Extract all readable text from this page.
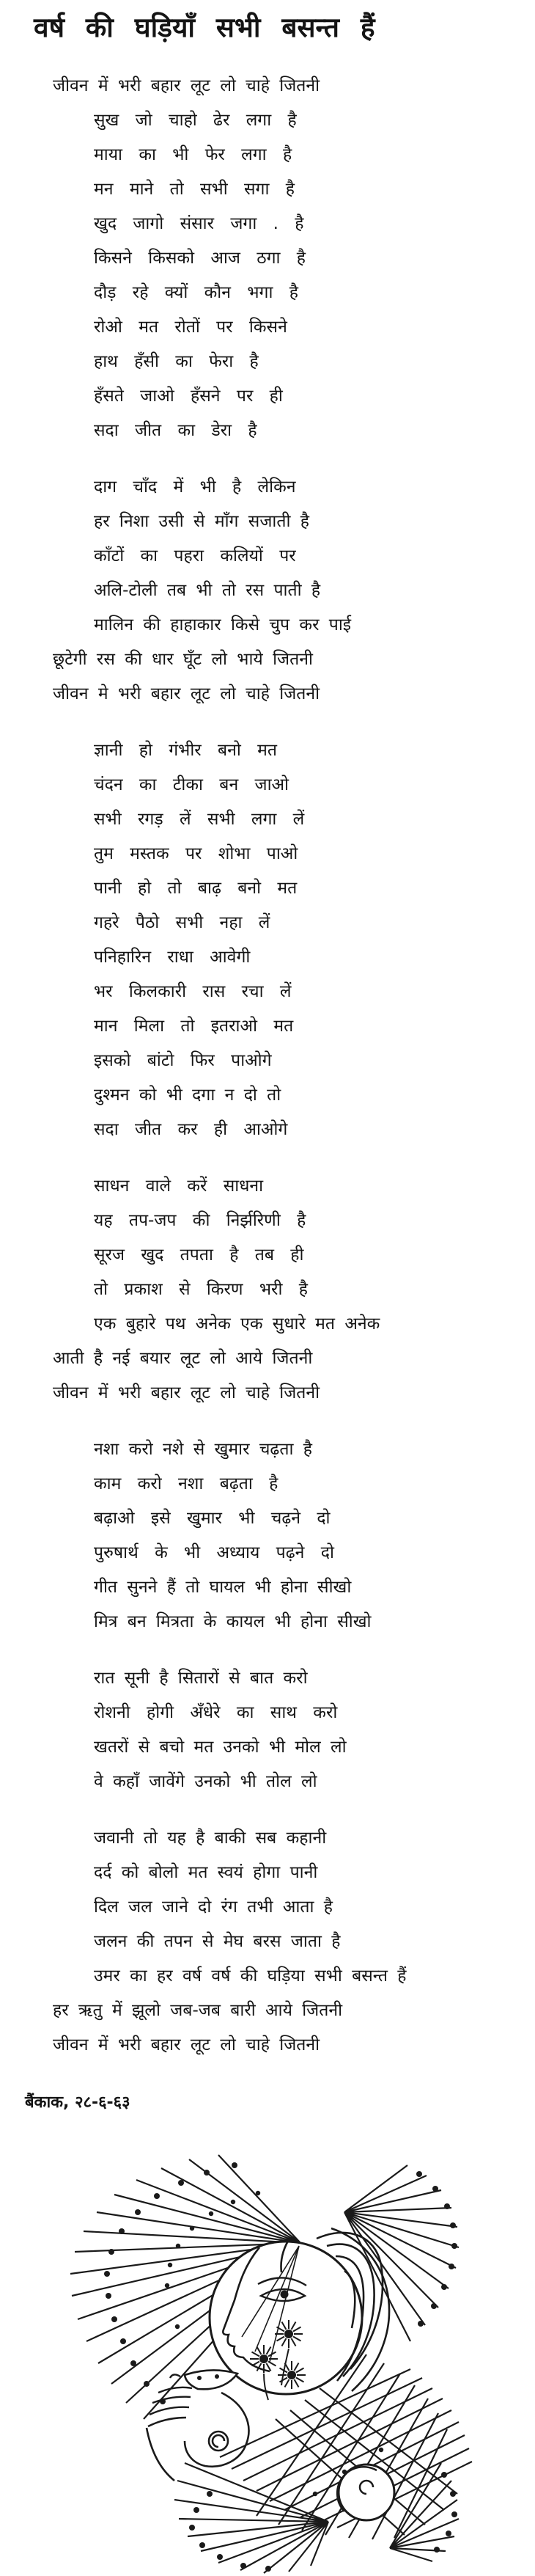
वर्ष की घड़ियाँ सभी बसन्त हैं
जीवन में भरी बहार लूट लो चाहे जितनी
सुख जो चाहो ढेर लगा है
माया का भी फेर लगा है
मन माने तो सभी सगा है
खुद जागो संसार जगा . है
किसने किसको आज ठगा है
दौड़ रहे क्यों कौन भगा है
रोओ मत रोतों पर किसने
हाथ हँसी का फेरा है
हँसते जाओ हँसने पर ही
सदा जीत का डेरा है
दाग चाँद में भी है लेकिन
हर निशा उसी से माँग सजाती है
काँटों का पहरा कलियों पर
अलि-टोली तब भी तो रस पाती है
मालिन की हाहाकार किसे चुप कर पाई
छूटेगी रस की धार घूँट लो भाये जितनी
जीवन मे भरी बहार लूट लो चाहे जितनी
ज्ञानी हो गंभीर बनो मत
चंदन का टीका बन जाओ
सभी रगड़ लें सभी लगा लें
तुम मस्तक पर शोभा पाओ
पानी हो तो बाढ़ बनो मत
गहरे पैठो सभी नहा लें
पनिहारिन राधा आवेगी
भर किलकारी रास रचा लें
मान मिला तो इतराओ मत
इसको बांटो फिर पाओगे
दुश्मन को भी दगा न दो तो
सदा जीत कर ही आओगे
साधन वाले करें साधना
यह तप-जप की निर्झरिणी है
सूरज खुद तपता है तब ही
तो प्रकाश से किरण भरी है
एक बुहारे पथ अनेक एक सुधारे मत अनेक
आती है नई बयार लूट लो आये जितनी
जीवन में भरी बहार लूट लो चाहे जितनी
नशा करो नशे से खुमार चढ़ता है
काम करो नशा बढ़ता है
बढ़ाओ इसे खुमार भी चढ़ने दो
पुरुषार्थ के भी अध्याय पढ़ने दो
गीत सुनने हैं तो घायल भी होना सीखो
मित्र बन मित्रता के कायल भी होना सीखो
रात सूनी है सितारों से बात करो
रोशनी होगी अँधेरे का साथ करो
खतरों से बचो मत उनको भी मोल लो
वे कहाँ जावेंगे उनको भी तोल लो
जवानी तो यह है बाकी सब कहानी
दर्द को बोलो मत स्वयं होगा पानी
दिल जल जाने दो रंग तभी आता है
जलन की तपन से मेघ बरस जाता है
उमर का हर वर्ष वर्ष की घड़िया सभी बसन्त हैं
हर ऋतु में झूलो जब-जब बारी आये जितनी
जीवन में भरी बहार लूट लो चाहे जितनी
बैंकाक, २८-६-६३
